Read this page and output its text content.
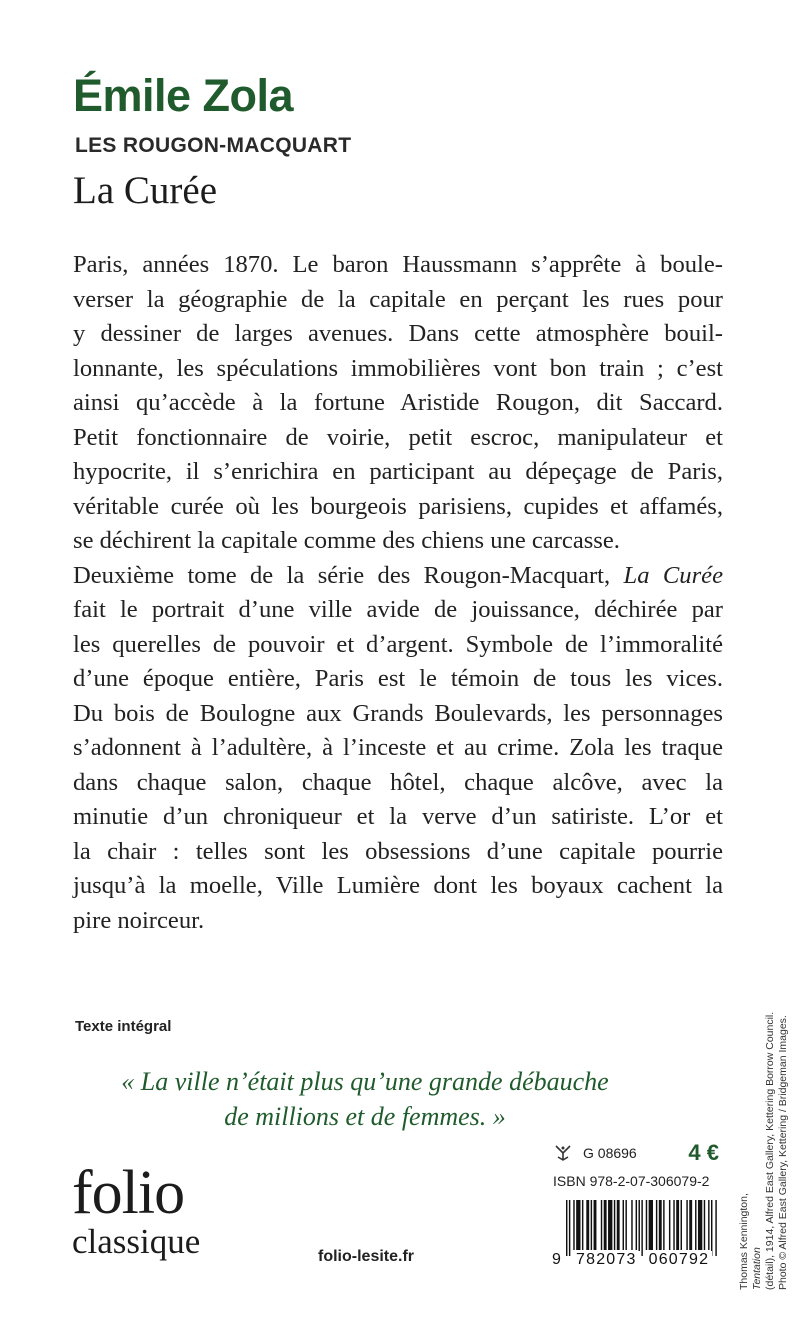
Émile Zola
LES ROUGON-MACQUART
La Curée
Paris, années 1870. Le baron Haussmann s’apprête à boule-
verser la géographie de la capitale en perçant les rues pour
y dessiner de larges avenues. Dans cette atmosphère bouil-
lonnante, les spéculations immobilières vont bon train ; c’est
ainsi qu’accède à la fortune Aristide Rougon, dit Saccard.
Petit fonctionnaire de voirie, petit escroc, manipulateur et
hypocrite, il s’enrichira en participant au dépeçage de Paris,
véritable curée où les bourgeois parisiens, cupides et affamés,
se déchirent la capitale comme des chiens une carcasse.
Deuxième tome de la série des Rougon-Macquart, La Curée
fait le portrait d’une ville avide de jouissance, déchirée par
les querelles de pouvoir et d’argent. Symbole de l’immoralité
d’une époque entière, Paris est le témoin de tous les vices.
Du bois de Boulogne aux Grands Boulevards, les personnages
s’adonnent à l’adultère, à l’inceste et au crime. Zola les traque
dans chaque salon, chaque hôtel, chaque alcôve, avec la
minutie d’un chroniqueur et la verve d’un satiriste. L’or et
la chair : telles sont les obsessions d’une capitale pourrie
jusqu’à la moelle, Ville Lumière dont les boyaux cachent la
pire noirceur.
Texte intégral
« La ville n’était plus qu’une grande débauche
de millions et de femmes. »
folio
classique	folio-lesite.fr
G 08696 4 €
ISBN 978-2-07-306079-2
9 782073 060792	Thomas Kennington, Tentation (détail), 1914, Alfred East Gallery, Kettering Borrow Council. Photo © Alfred East Gallery, Kettering / Bridgeman Images.
